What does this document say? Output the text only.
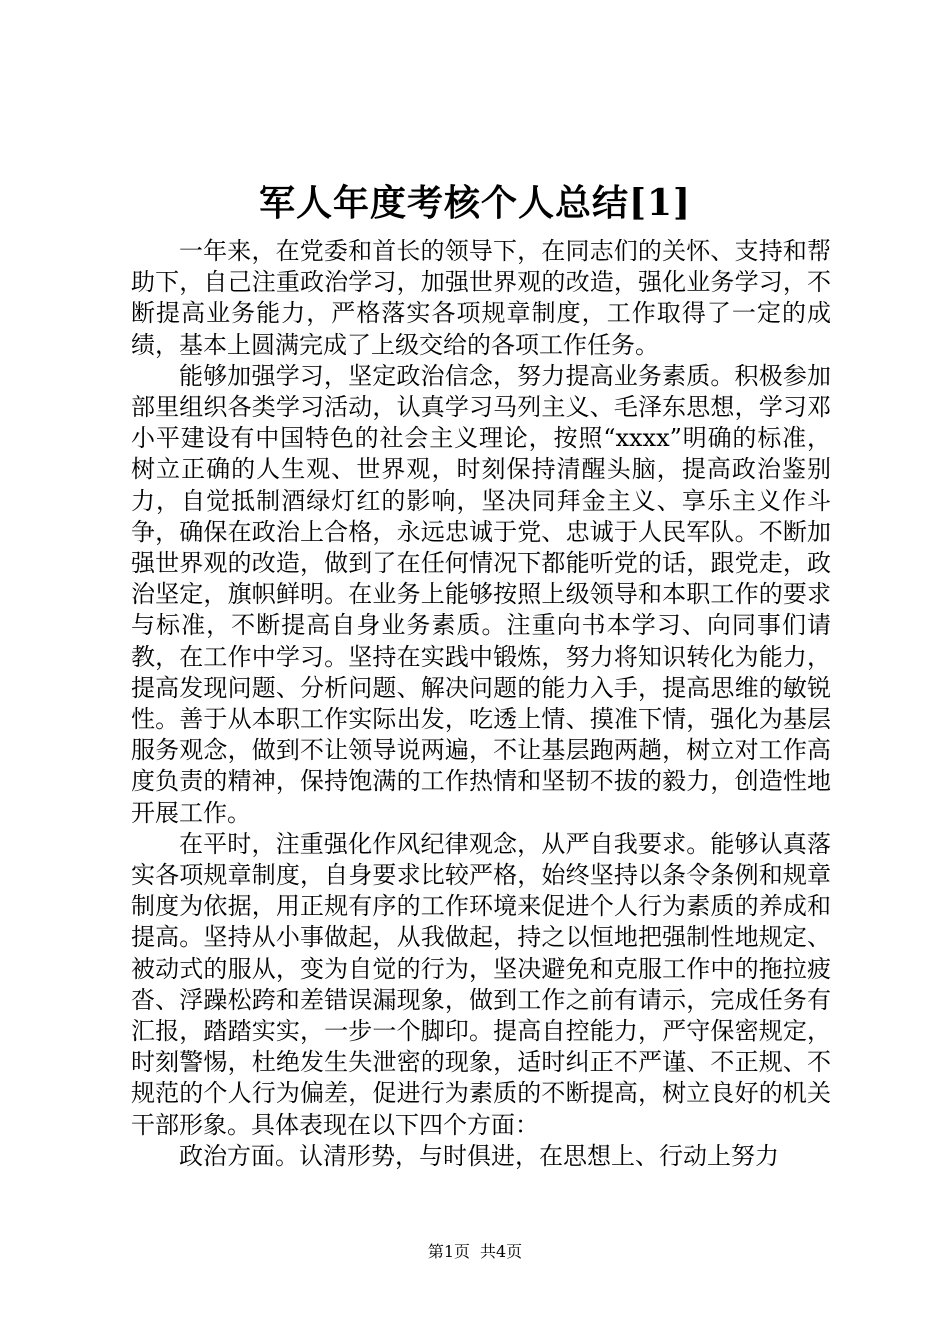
军人年度考核个人总结[1]

一年来，在党委和首长的领导下，在同志们的关怀、支持和帮助下，自己注重政治学习，加强世界观的改造，强化业务学习，不断提高业务能力，严格落实各项规章制度，工作取得了一定的成绩，基本上圆满完成了上级交给的各项工作任务。

能够加强学习，坚定政治信念，努力提高业务素质。积极参加部里组织各类学习活动，认真学习马列主义、毛泽东思想，学习邓小平建设有中国特色的社会主义理论，按照“xxxx”明确的标准，树立正确的人生观、世界观，时刻保持清醒头脑，提高政治鉴别力，自觉抵制酒绿灯红的影响，坚决同拜金主义、享乐主义作斗争，确保在政治上合格，永远忠诚于党、忠诚于人民军队。不断加强世界观的改造，做到了在任何情况下都能听党的话，跟党走，政治坚定，旗帜鲜明。在业务上能够按照上级领导和本职工作的要求与标准，不断提高自身业务素质。注重向书本学习、向同事们请教，在工作中学习。坚持在实践中锻炼，努力将知识转化为能力，提高发现问题、分析问题、解决问题的能力入手，提高思维的敏锐性。善于从本职工作实际出发，吃透上情、摸准下情，强化为基层服务观念，做到不让领导说两遍，不让基层跑两趟，树立对工作高度负责的精神，保持饱满的工作热情和坚韧不拔的毅力，创造性地开展工作。

在平时，注重强化作风纪律观念，从严自我要求。能够认真落实各项规章制度，自身要求比较严格，始终坚持以条令条例和规章制度为依据，用正规有序的工作环境来促进个人行为素质的养成和提高。坚持从小事做起，从我做起，持之以恒地把强制性地规定、被动式的服从，变为自觉的行为，坚决避免和克服工作中的拖拉疲沓、浮躁松跨和差错误漏现象，做到工作之前有请示，完成任务有汇报，踏踏实实，一步一个脚印。提高自控能力，严守保密规定，时刻警惕，杜绝发生失泄密的现象，适时纠正不严谨、不正规、不规范的个人行为偏差，促进行为素质的不断提高，树立良好的机关干部形象。具体表现在以下四个方面：

政治方面。认清形势，与时俱进，在思想上、行动上努力

第1页 共4页
